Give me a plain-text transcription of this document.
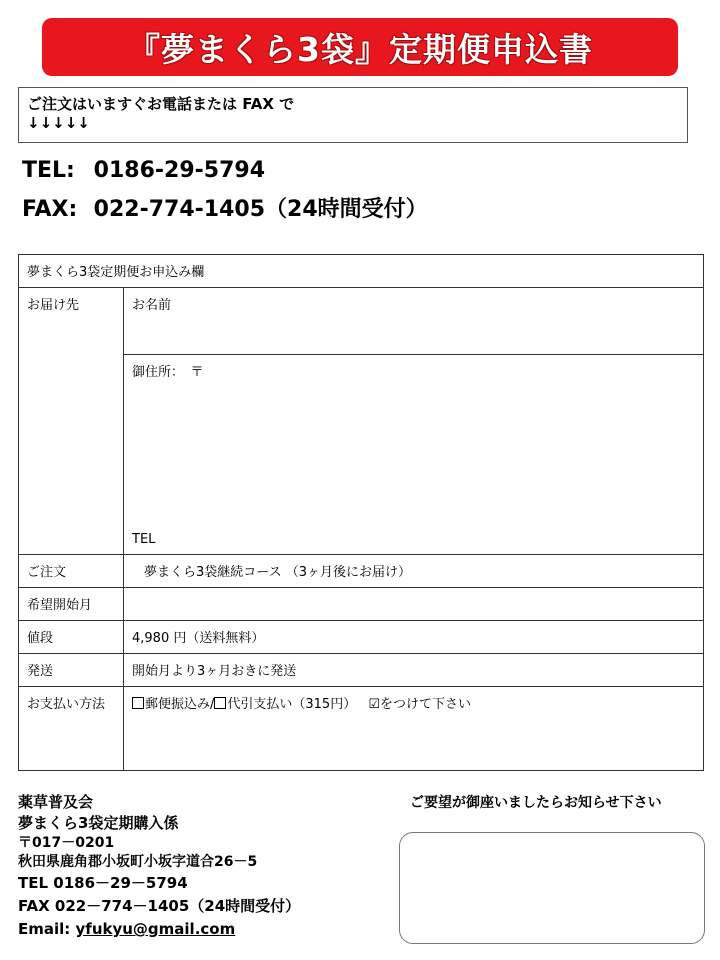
『夢まくら3袋』定期便申込書
ご注文はいますぐお電話または FAX で
↓↓↓↓↓
TEL: 0186-29-5794
FAX: 022-774-1405（24時間受付）
夢まくら3袋定期便お申込み欄	
お届け先	お名前

	御住所：　〒
TEL

ご注文	夢まくら3袋継続コース （3ヶ月後にお届け）
希望開始月	
値段	4,980 円（送料無料）
発送	開始月より3ヶ月おきに発送
お支払い方法	郵便振込み/ 代引支払い（315円） ☑をつけて下さい
薬草普及会
夢まくら3袋定期購入係
〒017－0201
秋田県鹿角郡小坂町小坂字道合26－5
TEL 0186－29－5794
FAX 022－774－1405（24時間受付）
Email: yfukyu@gmail.com
ご要望が御座いましたらお知らせ下さい
